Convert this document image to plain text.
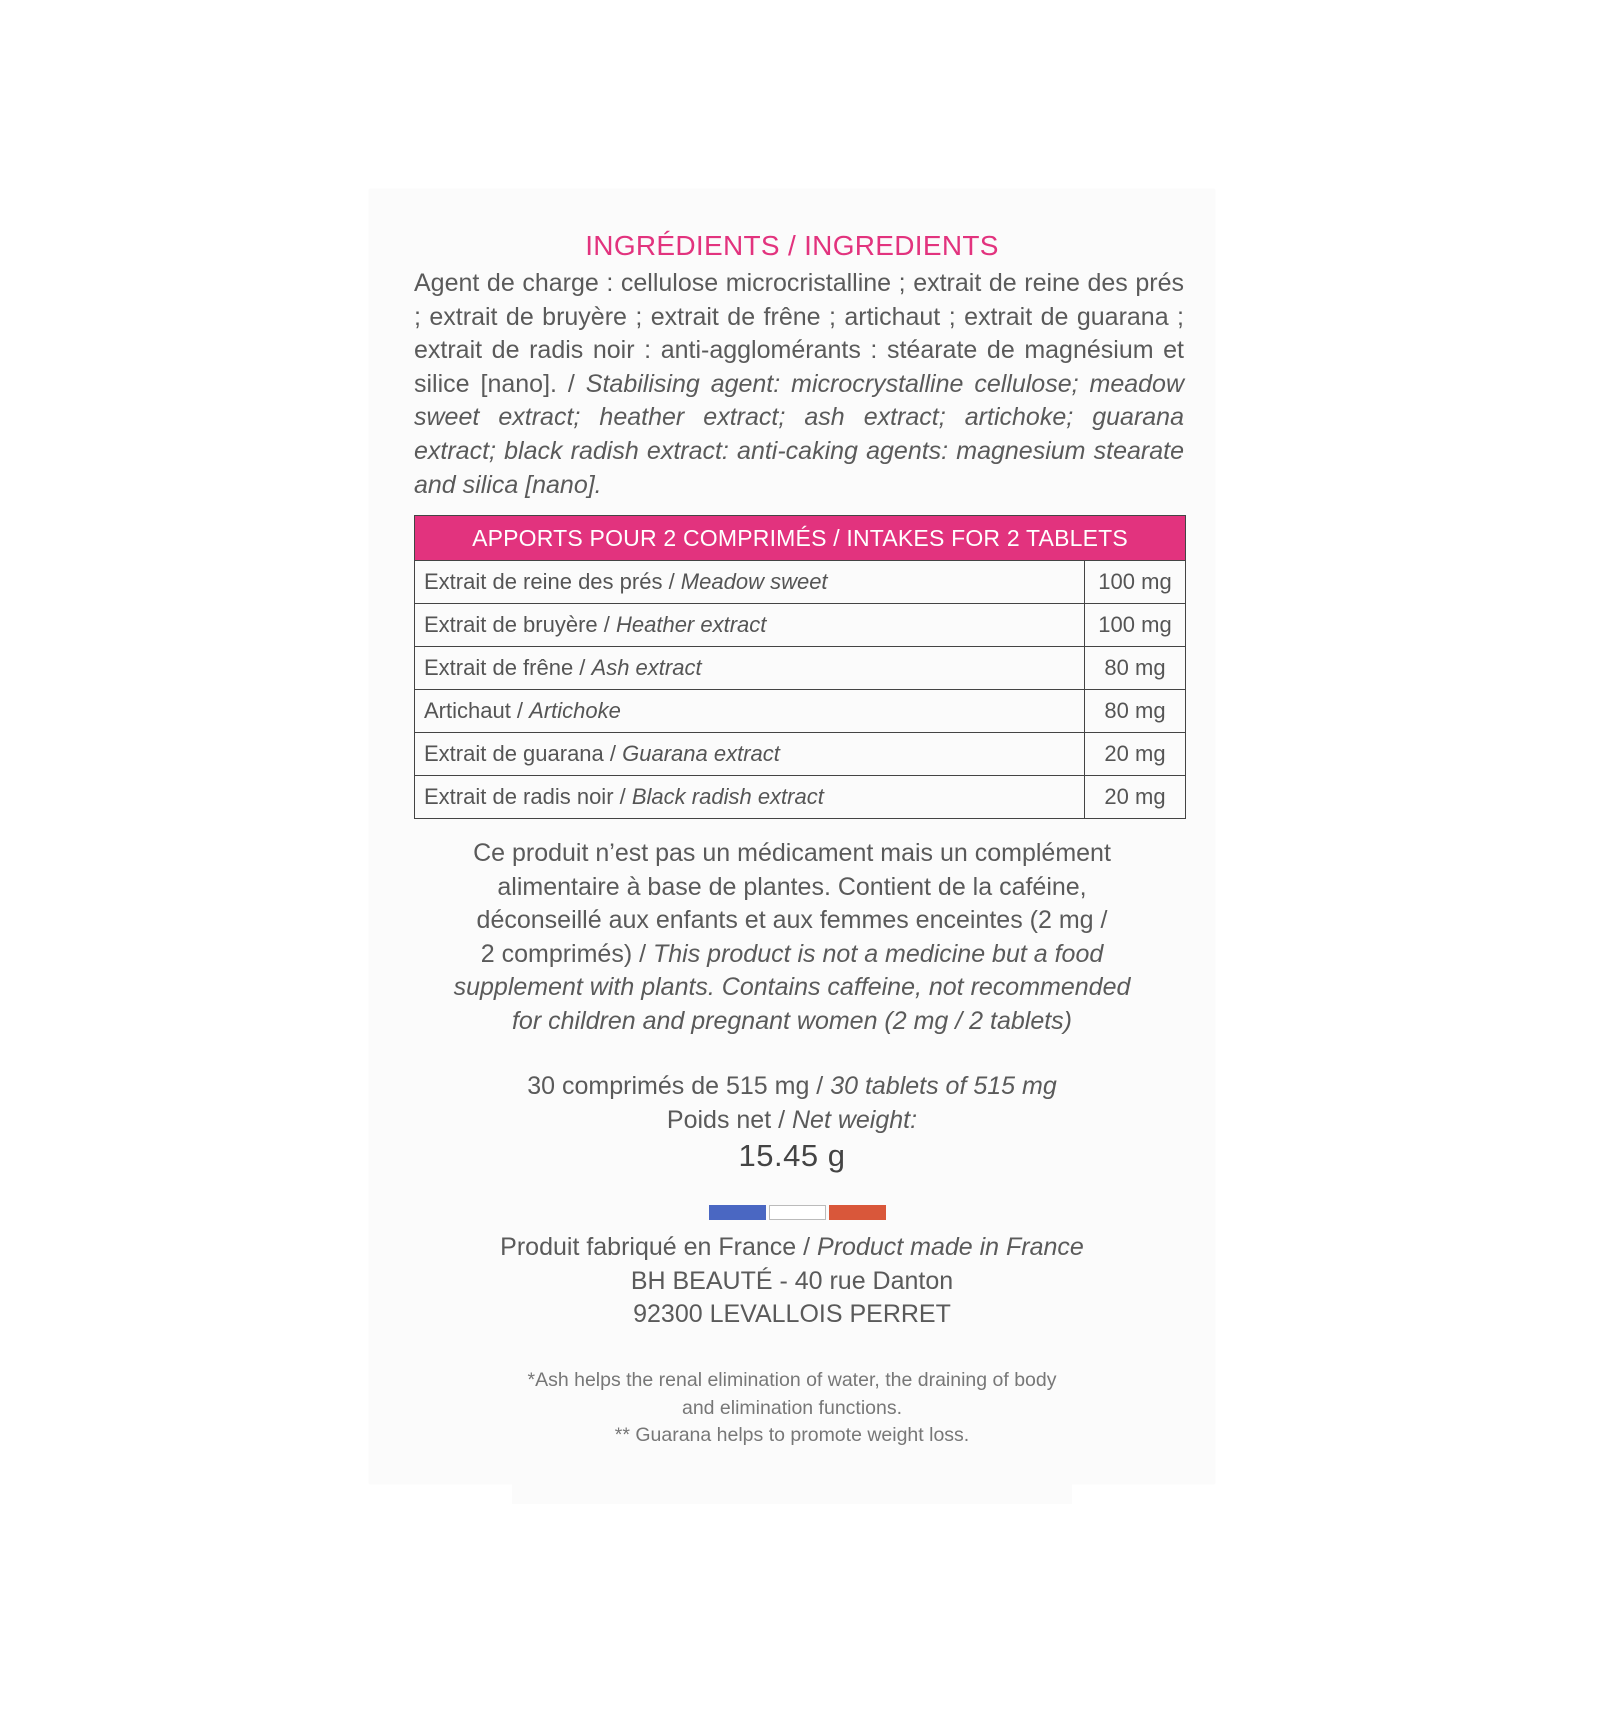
INGRÉDIENTS / INGREDIENTS

Agent de charge : cellulose microcristalline ; extrait de reine des prés ; extrait de bruyère ; extrait de frêne ; artichaut ; extrait de guarana ; extrait de radis noir : anti-agglomérants : stéarate de magnésium et silice [nano]. / Stabilising agent: microcrystalline cellulose; meadow sweet extract; heather extract; ash extract; artichoke; guarana extract; black radish extract: anti-caking agents: magnesium stearate and silica [nano].

APPORTS POUR 2 COMPRIMÉS / INTAKES FOR 2 TABLETS	
Extrait de reine des prés / Meadow sweet	100 mg
Extrait de bruyère / Heather extract	100 mg
Extrait de frêne / Ash extract	80 mg
Artichaut / Artichoke	80 mg
Extrait de guarana / Guarana extract	20 mg
Extrait de radis noir / Black radish extract	20 mg

Ce produit n’est pas un médicament mais un complément
alimentaire à base de plantes. Contient de la caféine,
déconseillé aux enfants et aux femmes enceintes (2 mg /
2 comprimés) / This product is not a medicine but a food
supplement with plants. Contains caffeine, not recommended
for children and pregnant women (2 mg / 2 tablets)

30 comprimés de 515 mg / 30 tablets of 515 mg
Poids net / Net weight:

15.45 g

Produit fabriqué en France / Product made in France
BH BEAUTÉ - 40 rue Danton
92300 LEVALLOIS PERRET

*Ash helps the renal elimination of water, the draining of body
and elimination functions.
** Guarana helps to promote weight loss.
